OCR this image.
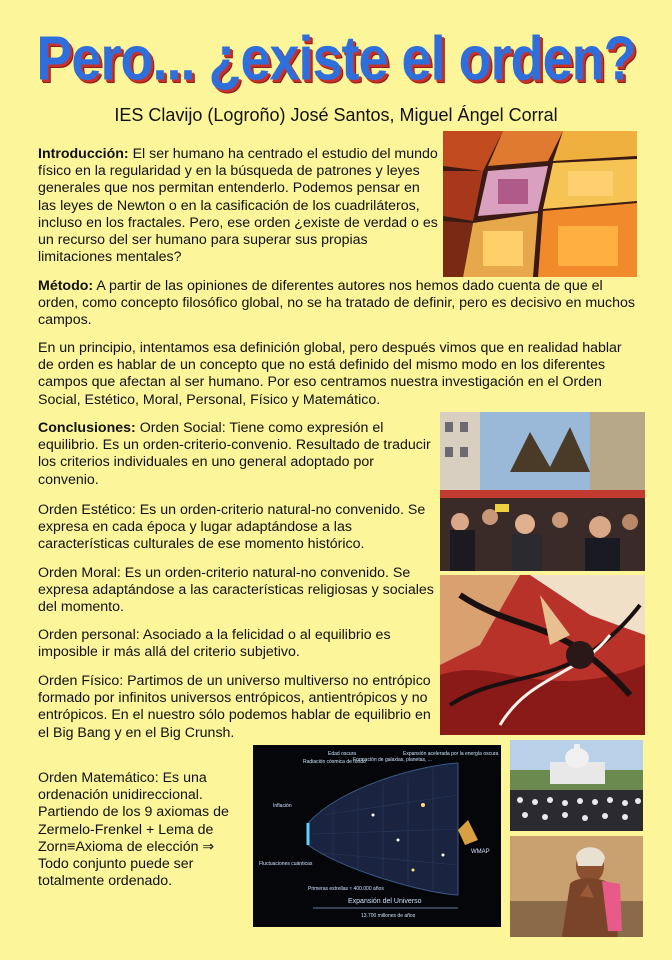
Pero... ¿existe el orden?
IES Clavijo (Logroño) José Santos, Miguel Ángel Corral
Introducción: El ser humano ha centrado el estudio del mundo físico en la regularidad y en la búsqueda de patrones y leyes generales que nos permitan entenderlo. Podemos pensar en las leyes de Newton o en la casificación de los cuadriláteros, incluso en los fractales. Pero, ese orden ¿existe de verdad o es un recurso del ser humano para superar sus propias limitaciones mentales?
Método: A partir de las opiniones de diferentes autores nos hemos dado cuenta de que el orden, como concepto filosófico global, no se ha tratado de definir, pero es decisivo en muchos campos.
En un principio, intentamos esa definición global, pero después vimos que en realidad hablar de orden es hablar de un concepto que no está definido del mismo modo en los diferentes campos que afectan al ser humano. Por eso centramos nuestra investigación en el Orden Social, Estético, Moral, Personal, Físico y Matemático.
Conclusiones: Orden Social: Tiene como expresión el equilibrio. Es un orden-criterio-convenio. Resultado de traducir los criterios individuales en uno general adoptado por convenio.
Orden Estético: Es un orden-criterio natural-no convenido. Se expresa en cada época y lugar adaptándose a las características culturales de ese momento histórico.
Orden Moral: Es un orden-criterio natural-no convenido. Se expresa adaptándose a las características religiosas y sociales del momento.
Orden personal: Asociado a la felicidad o al equilibrio es imposible ir más allá del criterio subjetivo.
Orden Físico: Partimos de un universo multiverso no entrópico formado por infinitos universos entrópicos, antientrópicos y no entrópicos. En el nuestro sólo podemos hablar de equilibrio en el Big Bang y en el Big Crunsh.
Orden Matemático: Es una ordenación unidireccional. Partiendo de los 9 axiomas de Zermelo-Frenkel + Lema de Zorn≡Axioma de elección ⇒ Todo conjunto puede ser totalmente ordenado.
Radiación cósmica de fondo
Edad oscura
Formación de galaxias, planetas, ...
Expansión acelerada por la energía oscura
Inflación
Fluctuaciones cuánticas
Primeras estrellas ≈ 400.000 años
WMAP
Expansión del Universo
13.700 millones de años
